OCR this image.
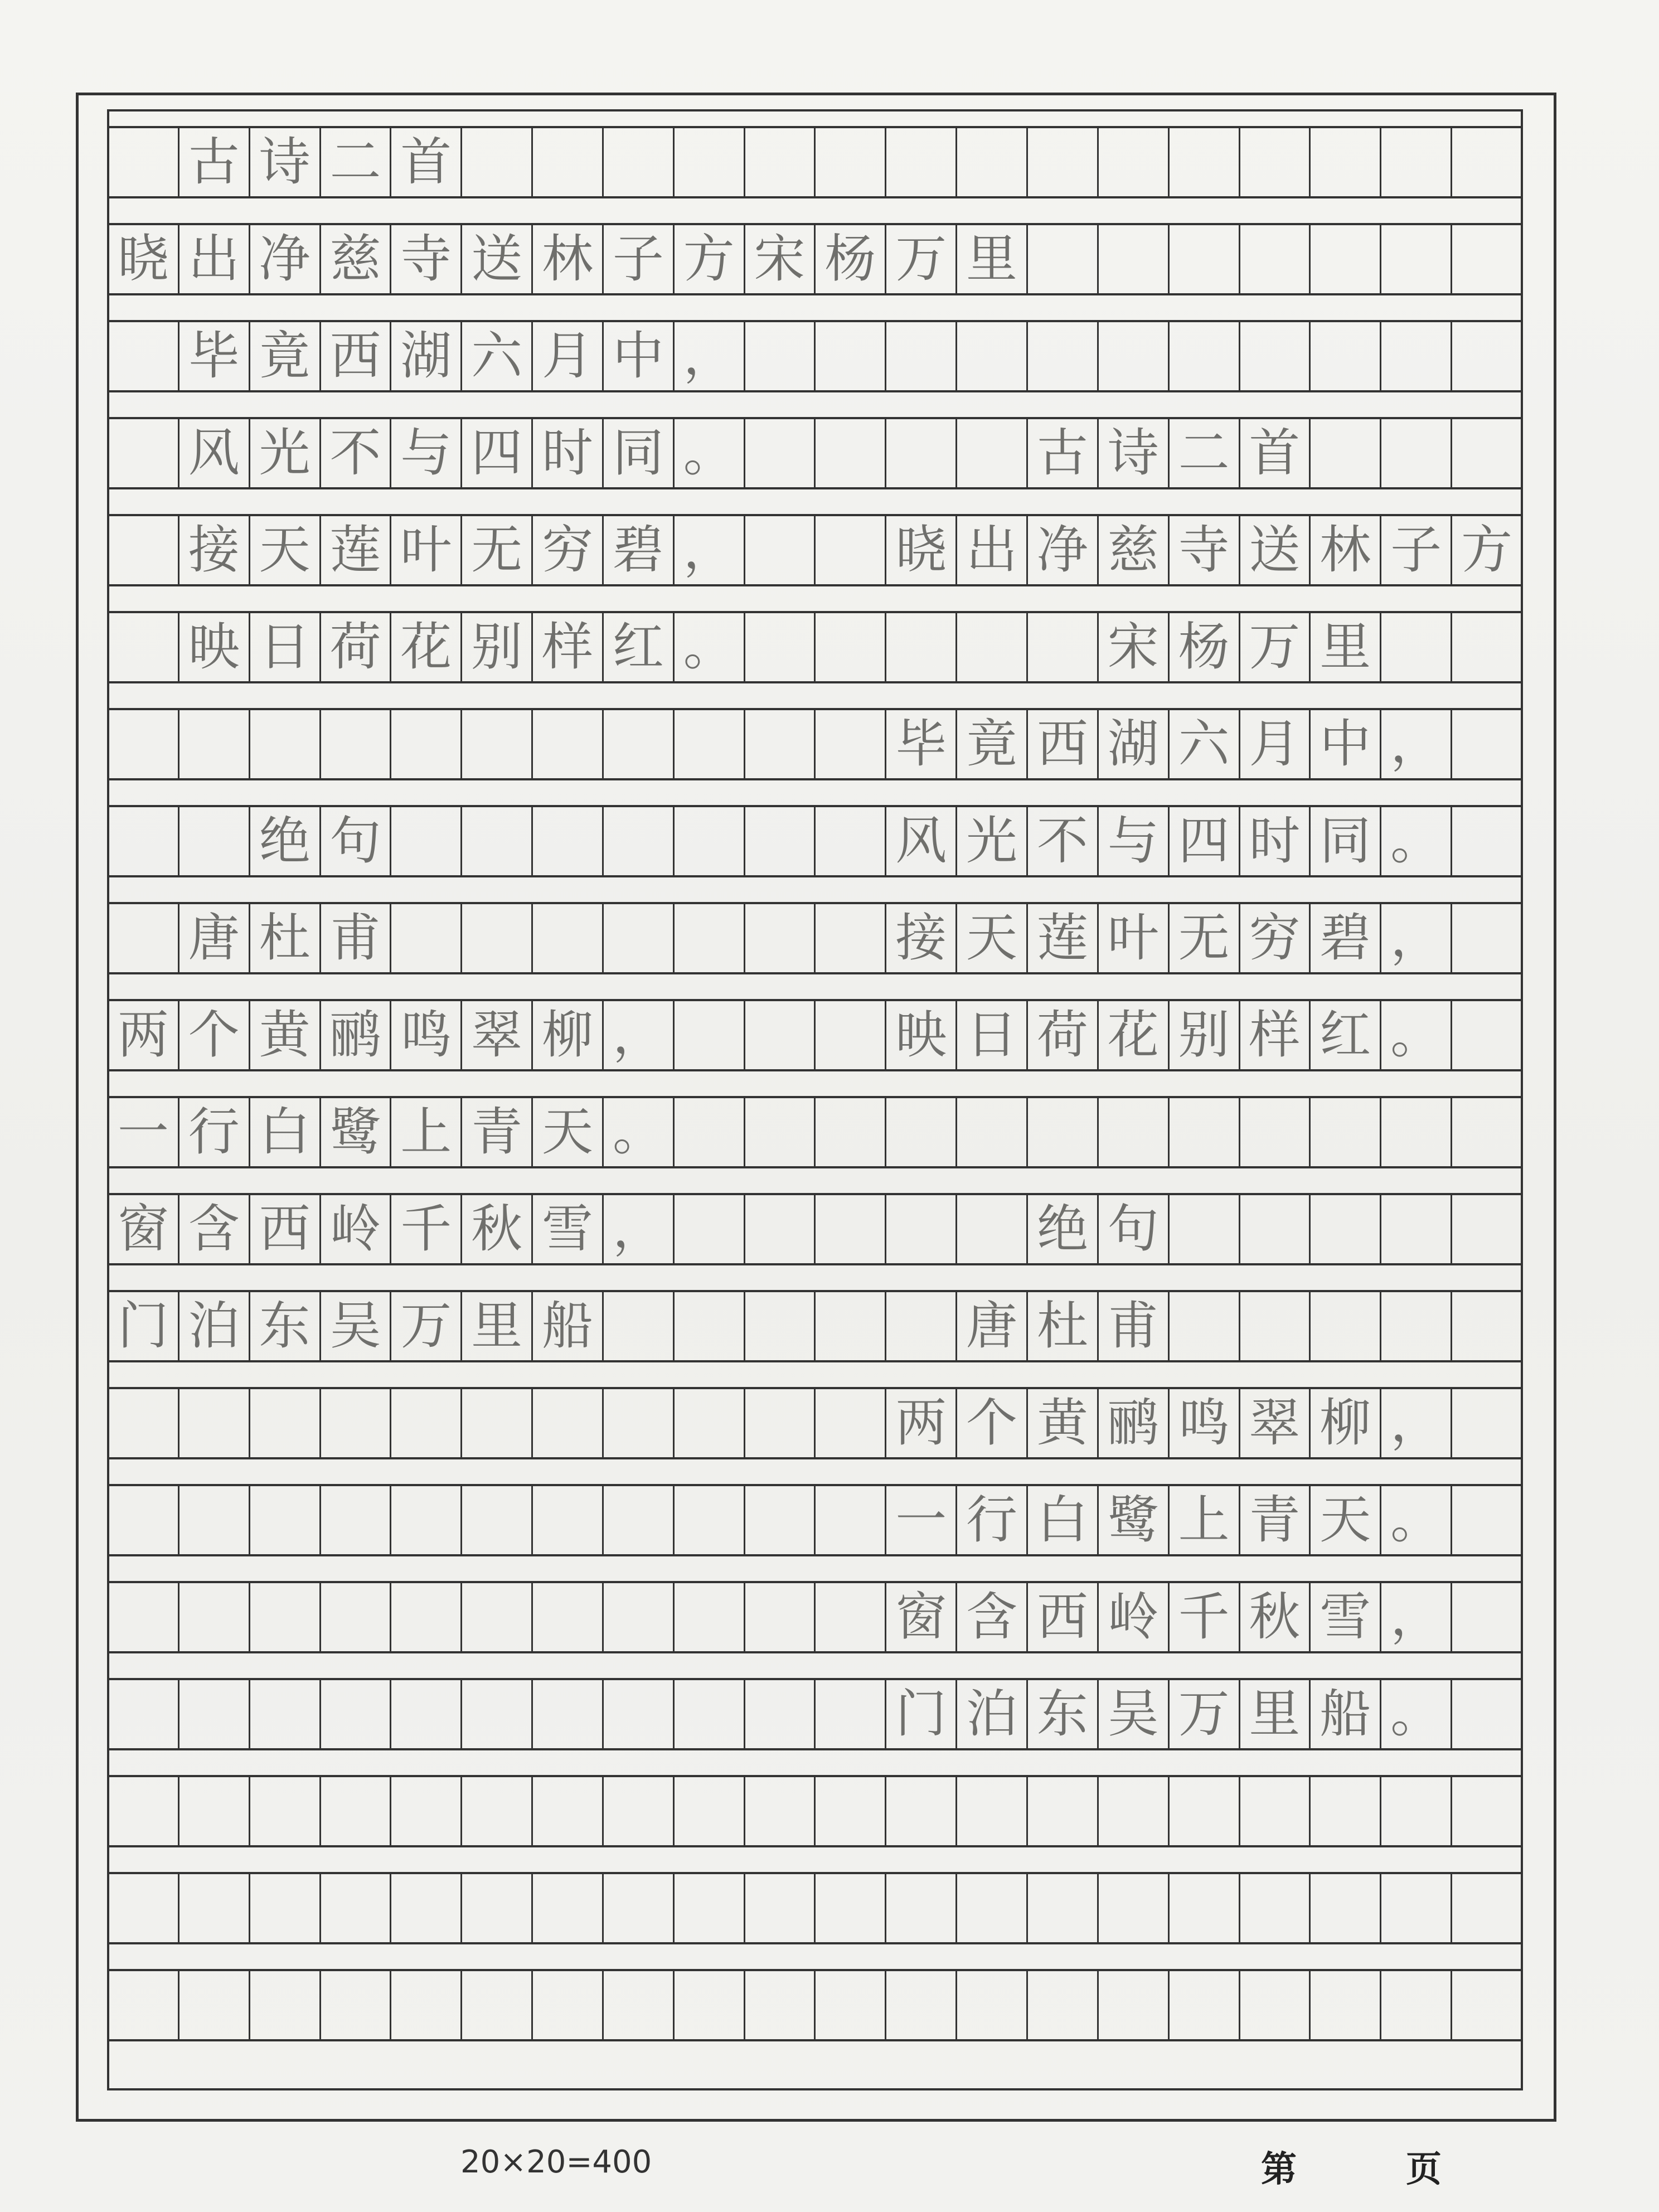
古 诗 二 首
晓 出 净 慈 寺 送 林 子 方 宋 杨 万 里
毕 竟 西 湖 六 月 中 ，
风 光 不 与 四 时 同 。	古 诗 二 首
接 天 莲 叶 无 穷 碧 ，	晓 出 净 慈 寺 送 林 子 方
映 日 荷 花 别 样 红 。	宋 杨 万 里
毕 竟 西 湖 六 月 中 ，
绝 句	风 光 不 与 四 时 同 。
唐 杜 甫	接 天 莲 叶 无 穷 碧 ，
两 个 黄 鹂 鸣 翠 柳 ，	映 日 荷 花 别 样 红 。
一 行 白 鹭 上 青 天 。
窗 含 西 岭 千 秋 雪 ，	绝 句
门 泊 东 吴 万 里 船	唐 杜 甫
两 个 黄 鹂 鸣 翠 柳 ，
一 行 白 鹭 上 青 天 。
窗 含 西 岭 千 秋 雪 ，
门 泊 东 吴 万 里 船 。
20×20=400	第	页
